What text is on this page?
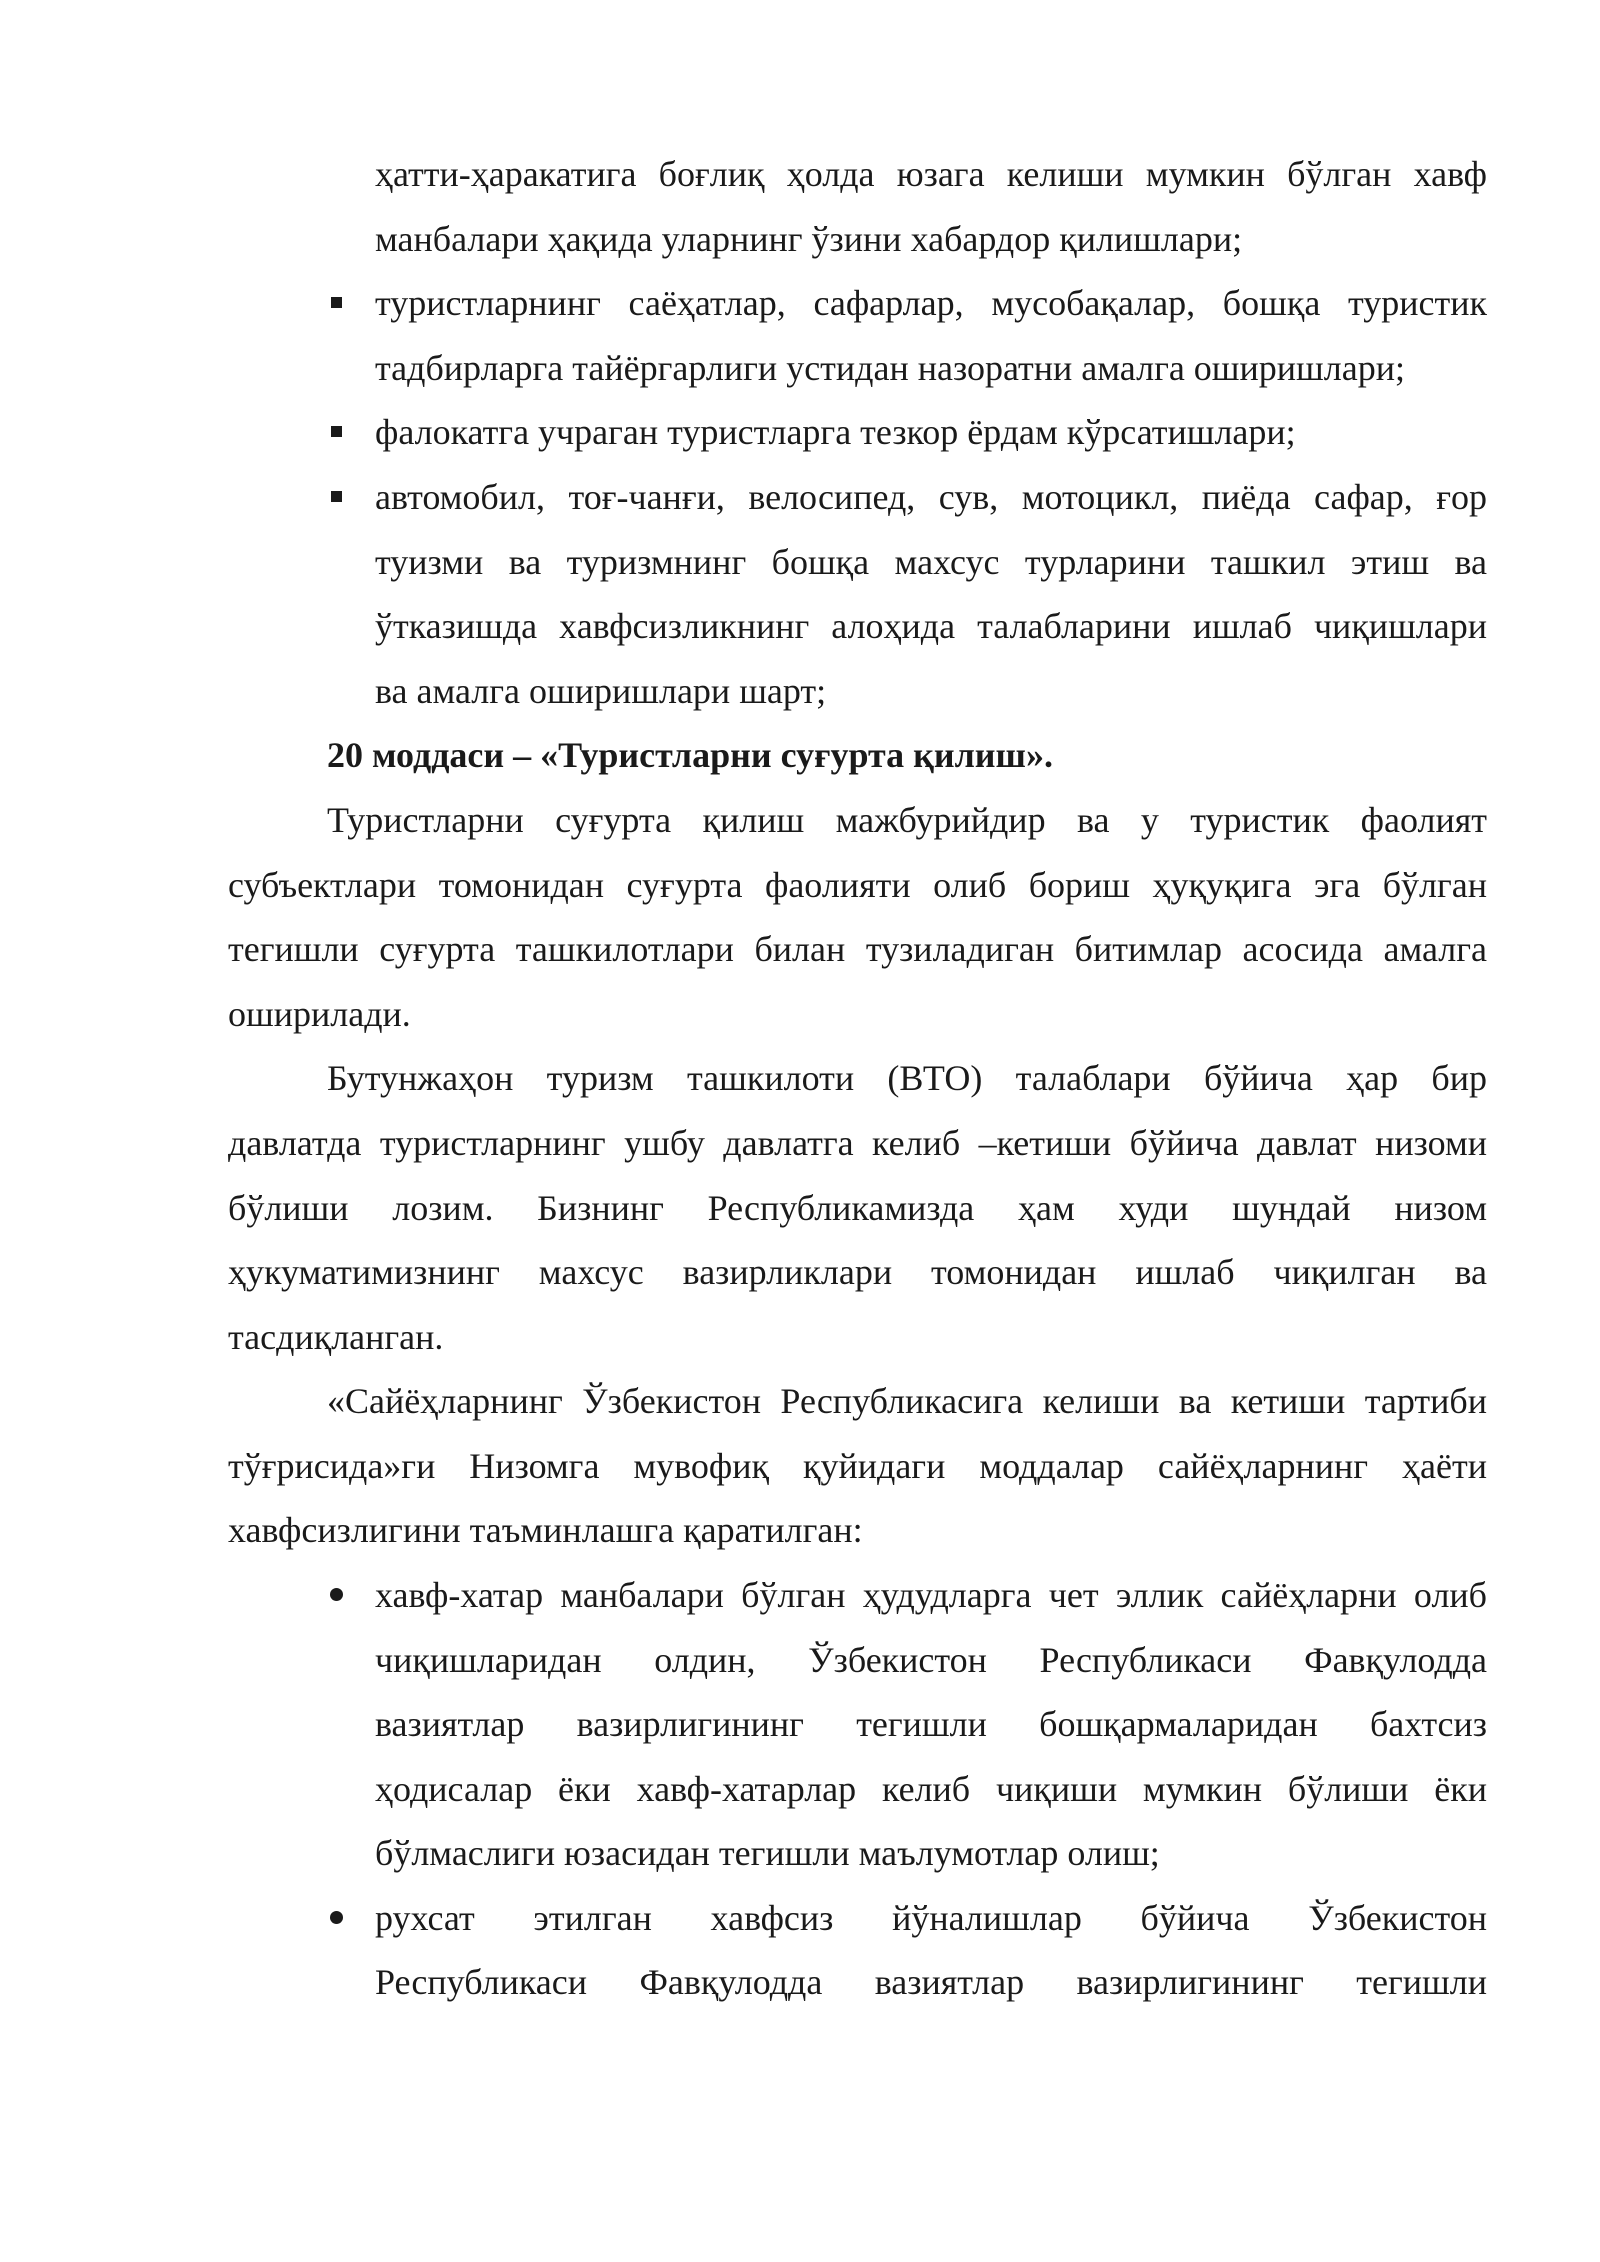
ҳатти-ҳаракатига боғлиқ ҳолда юзага келиши мумкин бўлган хавф
манбалари ҳақида уларнинг ўзини хабардор қилишлари;
туристларнинг саёҳатлар, сафарлар, мусобақалар, бошқа туристик
тадбирларга тайёргарлиги устидан назоратни амалга оширишлари;
фалокатга учраган туристларга тезкор ёрдам кўрсатишлари;
автомобил, тоғ-чанғи, велосипед, сув, мотоцикл, пиёда сафар, ғор
туизми ва туризмнинг бошқа махсус турларини ташкил этиш ва
ўтказишда хавфсизликнинг алоҳида талабларини ишлаб чиқишлари
ва амалга оширишлари шарт;
20 моддаси – «Туристларни суғурта қилиш».
Туристларни суғурта қилиш мажбурийдир ва у туристик фаолият
субъектлари томонидан суғурта фаолияти олиб бориш ҳуқуқига эга бўлган
тегишли суғурта ташкилотлари билан тузиладиган битимлар асосида амалга
оширилади.
Бутунжаҳон туризм ташкилоти (ВТО) талаблари бўйича ҳар бир
давлатда туристларнинг ушбу давлатга келиб –кетиши бўйича давлат низоми
бўлиши лозим. Бизнинг Республикамизда ҳам худи шундай низом
ҳукуматимизнинг махсус вазирликлари томонидан ишлаб чиқилган ва
тасдиқланган.
«Сайёҳларнинг Ўзбекистон Республикасига келиши ва кетиши тартиби
тўғрисида»ги Низомга мувофиқ қуйидаги моддалар сайёҳларнинг ҳаёти
хавфсизлигини таъминлашга қаратилган:
хавф-хатар манбалари бўлган ҳудудларга чет эллик сайёҳларни олиб
чиқишларидан олдин, Ўзбекистон Республикаси Фавқулодда
вазиятлар вазирлигининг тегишли бошқармаларидан бахтсиз
ҳодисалар ёки хавф-хатарлар келиб чиқиши мумкин бўлиши ёки
бўлмаслиги юзасидан тегишли маълумотлар олиш;
рухсат этилган хавфсиз йўналишлар бўйича Ўзбекистон
Республикаси Фавқулодда вазиятлар вазирлигининг тегишли
